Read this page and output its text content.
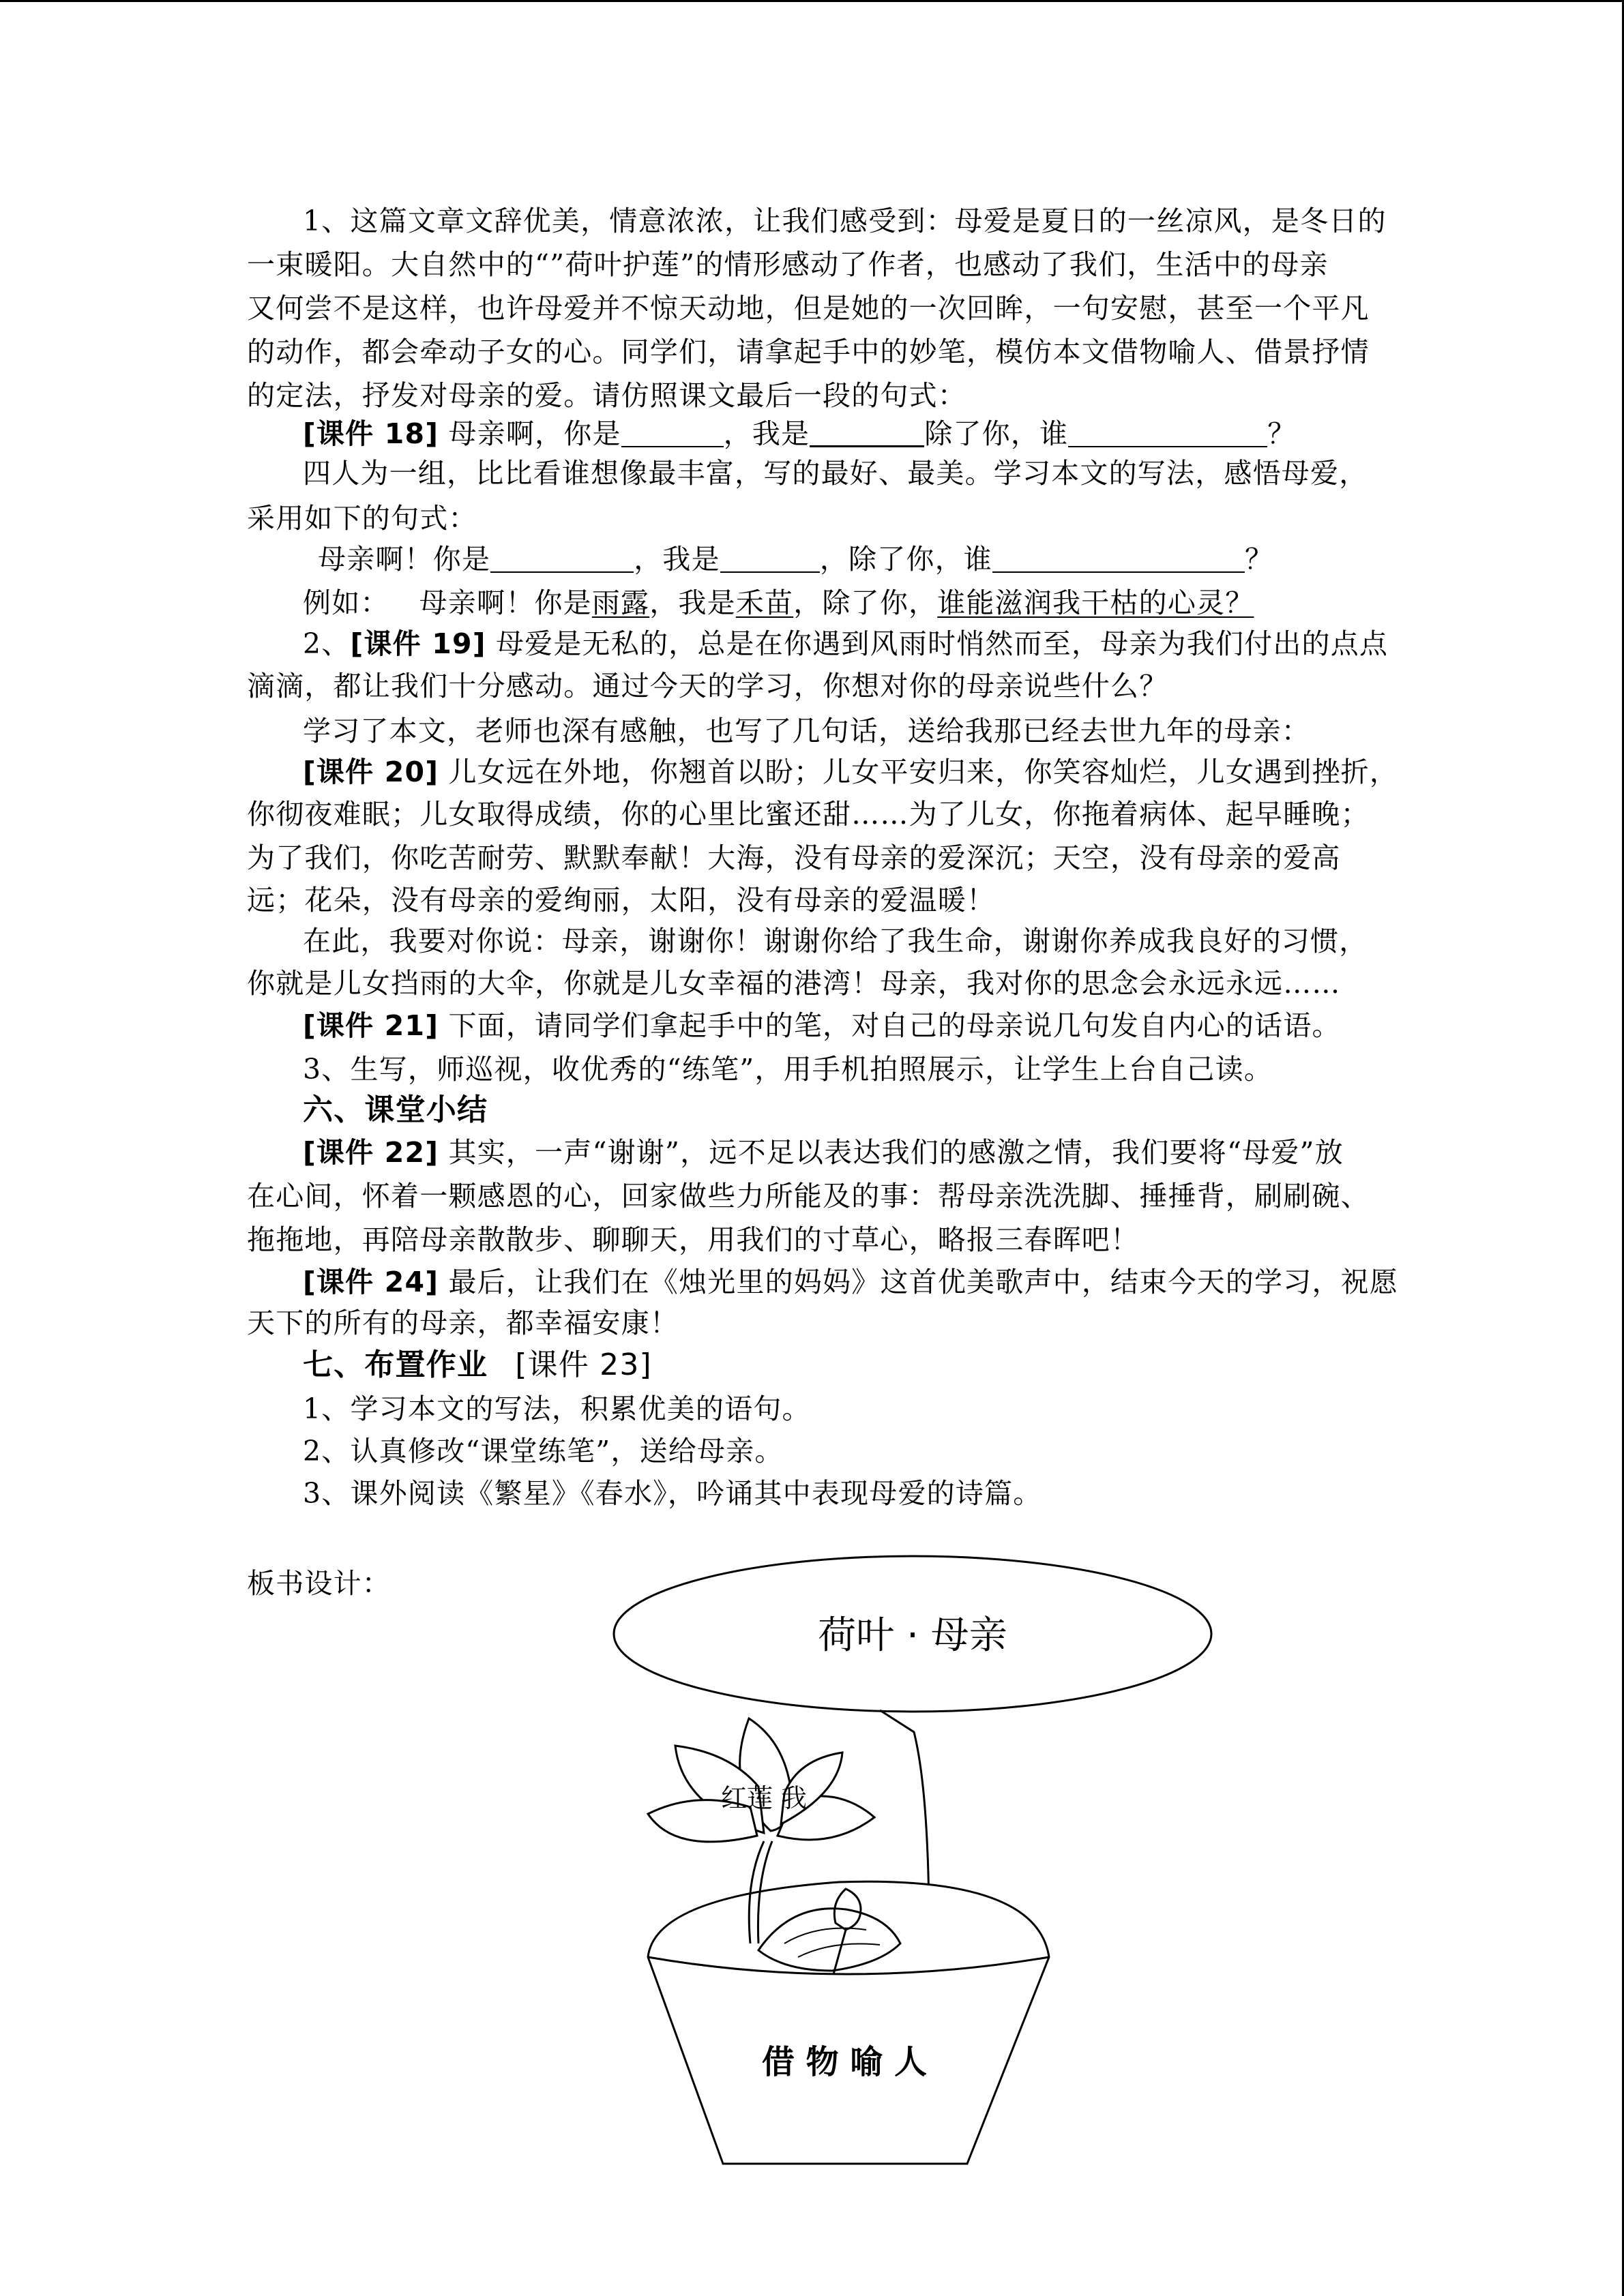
1、这篇文章文辞优美，情意浓浓，让我们感受到：母爱是夏日的一丝凉风，是冬日的
一束暖阳。大自然中的“”荷叶护莲”的情形感动了作者，也感动了我们，生活中的母亲
又何尝不是这样，也许母爱并不惊天动地，但是她的一次回眸，一句安慰，甚至一个平凡
的动作，都会牵动子女的心。同学们，请拿起手中的妙笔，模仿本文借物喻人、借景抒情
的定法，抒发对母亲的爱。请仿照课文最后一段的句式：
[课件 18] 母亲啊，你是	，我是	除了你，谁	？
四人为一组，比比看谁想像最丰富，写的最好、最美。学习本文的写法，感悟母爱，
采用如下的句式：
母亲啊！你是	，我是	，除了你，谁	？
例如： 母亲啊！你是雨露，我是禾苗，除了你，谁能滋润我干枯的心灵？
2、[课件 19] 母爱是无私的，总是在你遇到风雨时悄然而至，母亲为我们付出的点点
滴滴，都让我们十分感动。通过今天的学习，你想对你的母亲说些什么？
学习了本文，老师也深有感触，也写了几句话，送给我那已经去世九年的母亲：
[课件 20] 儿女远在外地，你翘首以盼；儿女平安归来，你笑容灿烂，儿女遇到挫折，
你彻夜难眠；儿女取得成绩，你的心里比蜜还甜……为了儿女，你拖着病体、起早睡晚；
为了我们，你吃苦耐劳、默默奉献！大海，没有母亲的爱深沉；天空，没有母亲的爱高
远；花朵，没有母亲的爱绚丽，太阳，没有母亲的爱温暖！
在此，我要对你说：母亲，谢谢你！谢谢你给了我生命，谢谢你养成我良好的习惯，
你就是儿女挡雨的大伞，你就是儿女幸福的港湾！母亲，我对你的思念会永远永远……
[课件 21] 下面，请同学们拿起手中的笔，对自己的母亲说几句发自内心的话语。
3、生写，师巡视，收优秀的“练笔”，用手机拍照展示，让学生上台自己读。
六、课堂小结
[课件 22] 其实，一声“谢谢”，远不足以表达我们的感激之情，我们要将“母爱”放
在心间，怀着一颗感恩的心，回家做些力所能及的事：帮母亲洗洗脚、捶捶背，刷刷碗、
拖拖地，再陪母亲散散步、聊聊天，用我们的寸草心，略报三春晖吧！
[课件 24] 最后，让我们在《烛光里的妈妈》这首优美歌声中，结束今天的学习，祝愿
天下的所有的母亲，都幸福安康！
七、布置作业 [课件 23]
1、学习本文的写法，积累优美的语句。
2、认真修改“课堂练笔”，送给母亲。
3、课外阅读《繁星》《春水》，吟诵其中表现母爱的诗篇。
板书设计：
荷叶 · 母亲
借 物 喻 人
红莲 我
